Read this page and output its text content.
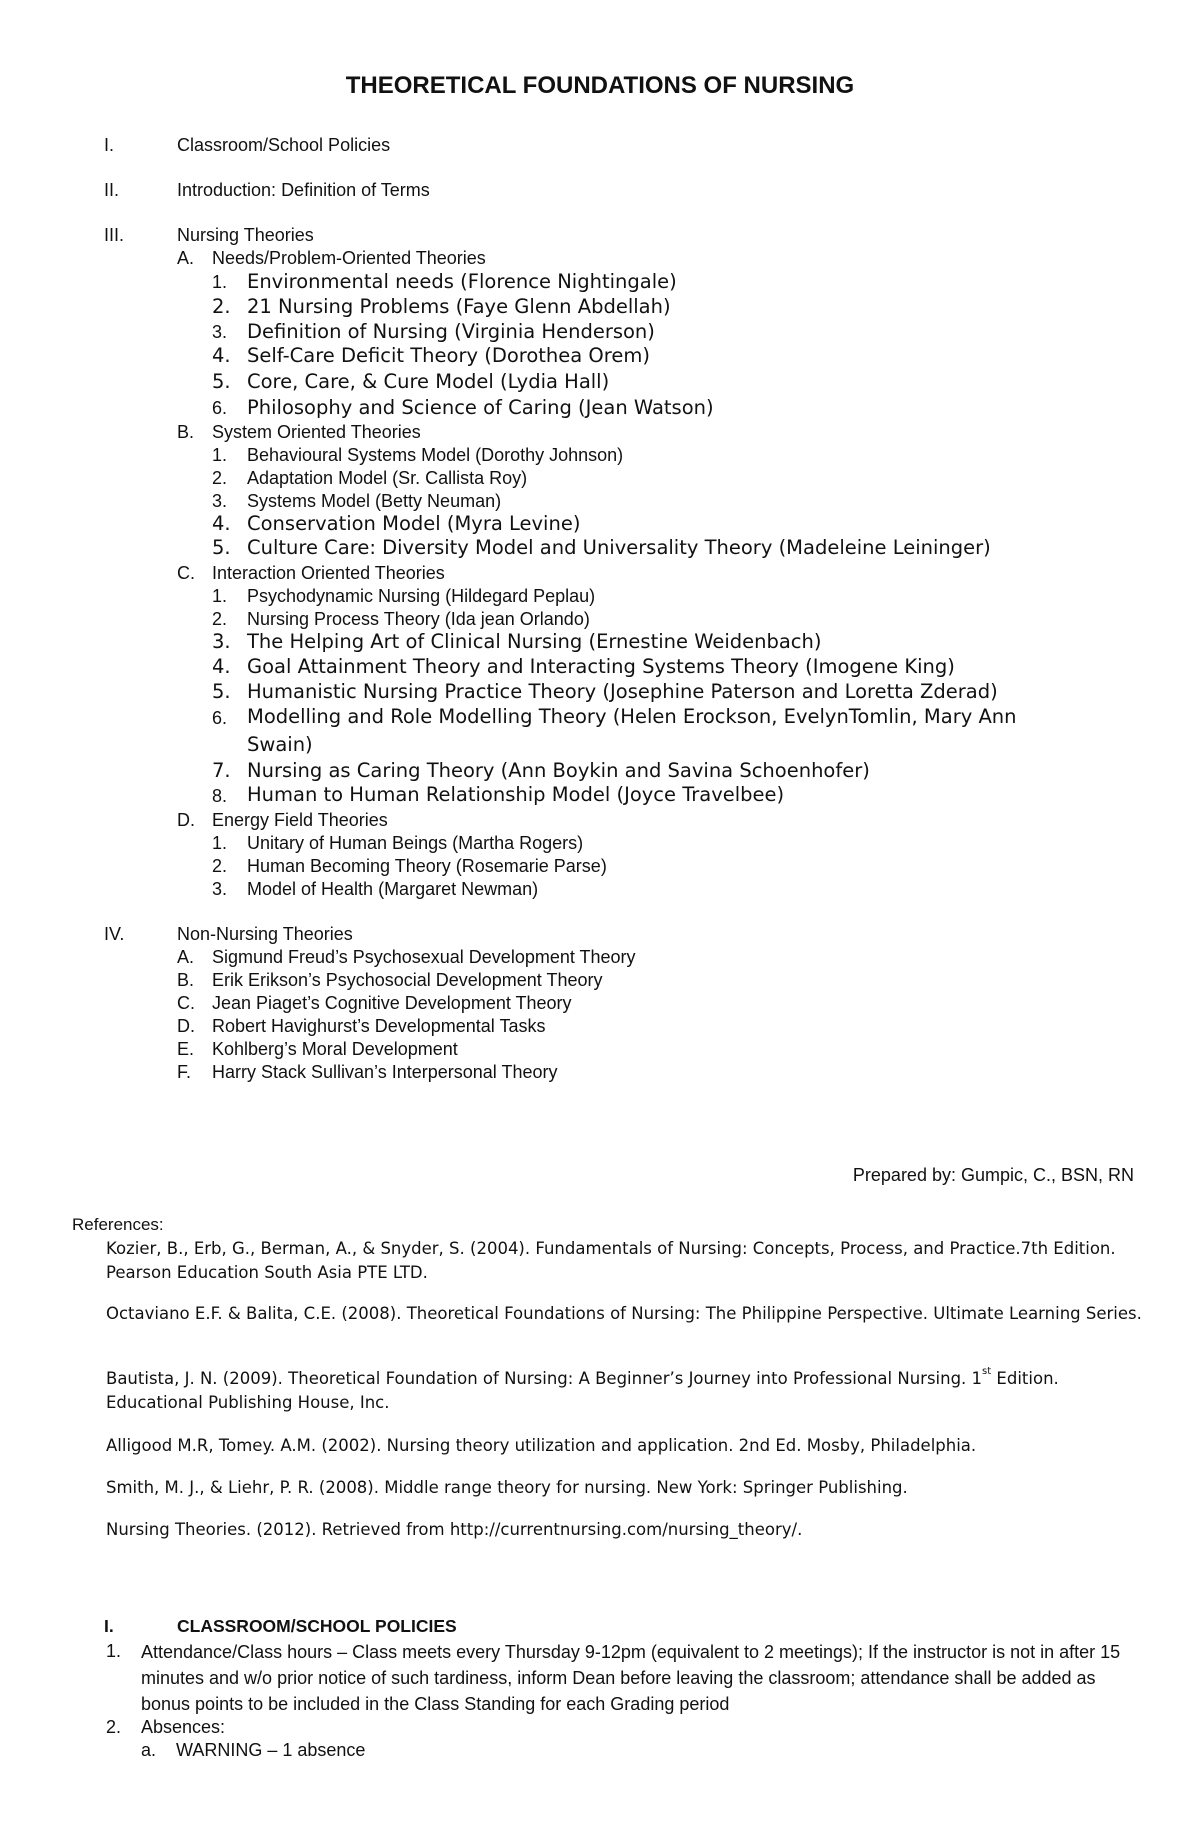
THEORETICAL FOUNDATIONS OF NURSING
I.	Classroom/School Policies
II.	Introduction: Definition of Terms
III.	Nursing Theories
A. Needs/Problem-Oriented Theories
1. Environmental needs (Florence Nightingale)
2. 21 Nursing Problems (Faye Glenn Abdellah)
3. Definition of Nursing (Virginia Henderson)
4. Self-Care Deficit Theory (Dorothea Orem)
5. Core, Care, & Cure Model (Lydia Hall)
6. Philosophy and Science of Caring (Jean Watson)
B. System Oriented Theories
1. Behavioural Systems Model (Dorothy Johnson)
2. Adaptation Model (Sr. Callista Roy)
3. Systems Model (Betty Neuman)
4. Conservation Model (Myra Levine)
5. Culture Care: Diversity Model and Universality Theory (Madeleine Leininger)
C. Interaction Oriented Theories
1. Psychodynamic Nursing (Hildegard Peplau)
2. Nursing Process Theory (Ida jean Orlando)
3. The Helping Art of Clinical Nursing (Ernestine Weidenbach)
4. Goal Attainment Theory and Interacting Systems Theory (Imogene King)
5. Humanistic Nursing Practice Theory (Josephine Paterson and Loretta Zderad)
6. Modelling and Role Modelling Theory (Helen Erockson, EvelynTomlin, Mary Ann
Swain)
7. Nursing as Caring Theory (Ann Boykin and Savina Schoenhofer)
8. Human to Human Relationship Model (Joyce Travelbee)
D. Energy Field Theories
1. Unitary of Human Beings (Martha Rogers)
2. Human Becoming Theory (Rosemarie Parse)
3. Model of Health (Margaret Newman)
IV.	Non-Nursing Theories
A. Sigmund Freud’s Psychosexual Development Theory
B. Erik Erikson’s Psychosocial Development Theory
C. Jean Piaget’s Cognitive Development Theory
D. Robert Havighurst’s Developmental Tasks
E. Kohlberg’s Moral Development
F. Harry Stack Sullivan’s Interpersonal Theory
Prepared by: Gumpic, C., BSN, RN
References:
Kozier, B., Erb, G., Berman, A., & Snyder, S. (2004). Fundamentals of Nursing: Concepts, Process, and Practice.7th Edition. Pearson Education South Asia PTE LTD.
Octaviano E.F. & Balita, C.E. (2008). Theoretical Foundations of Nursing: The Philippine Perspective. Ultimate Learning Series.
Bautista, J. N. (2009). Theoretical Foundation of Nursing: A Beginner’s Journey into Professional Nursing. 1st Edition. Educational Publishing House, Inc.
Alligood M.R, Tomey. A.M. (2002). Nursing theory utilization and application. 2nd Ed. Mosby, Philadelphia.
Smith, M. J., & Liehr, P. R. (2008). Middle range theory for nursing. New York: Springer Publishing.
Nursing Theories. (2012). Retrieved from http://currentnursing.com/nursing_theory/.
I.	CLASSROOM/SCHOOL POLICIES
1. Attendance/Class hours – Class meets every Thursday 9-12pm (equivalent to 2 meetings); If the instructor is not in after 15 minutes and w/o prior notice of such tardiness, inform Dean before leaving the classroom; attendance shall be added as bonus points to be included in the Class Standing for each Grading period
2. Absences:
a. WARNING – 1 absence
